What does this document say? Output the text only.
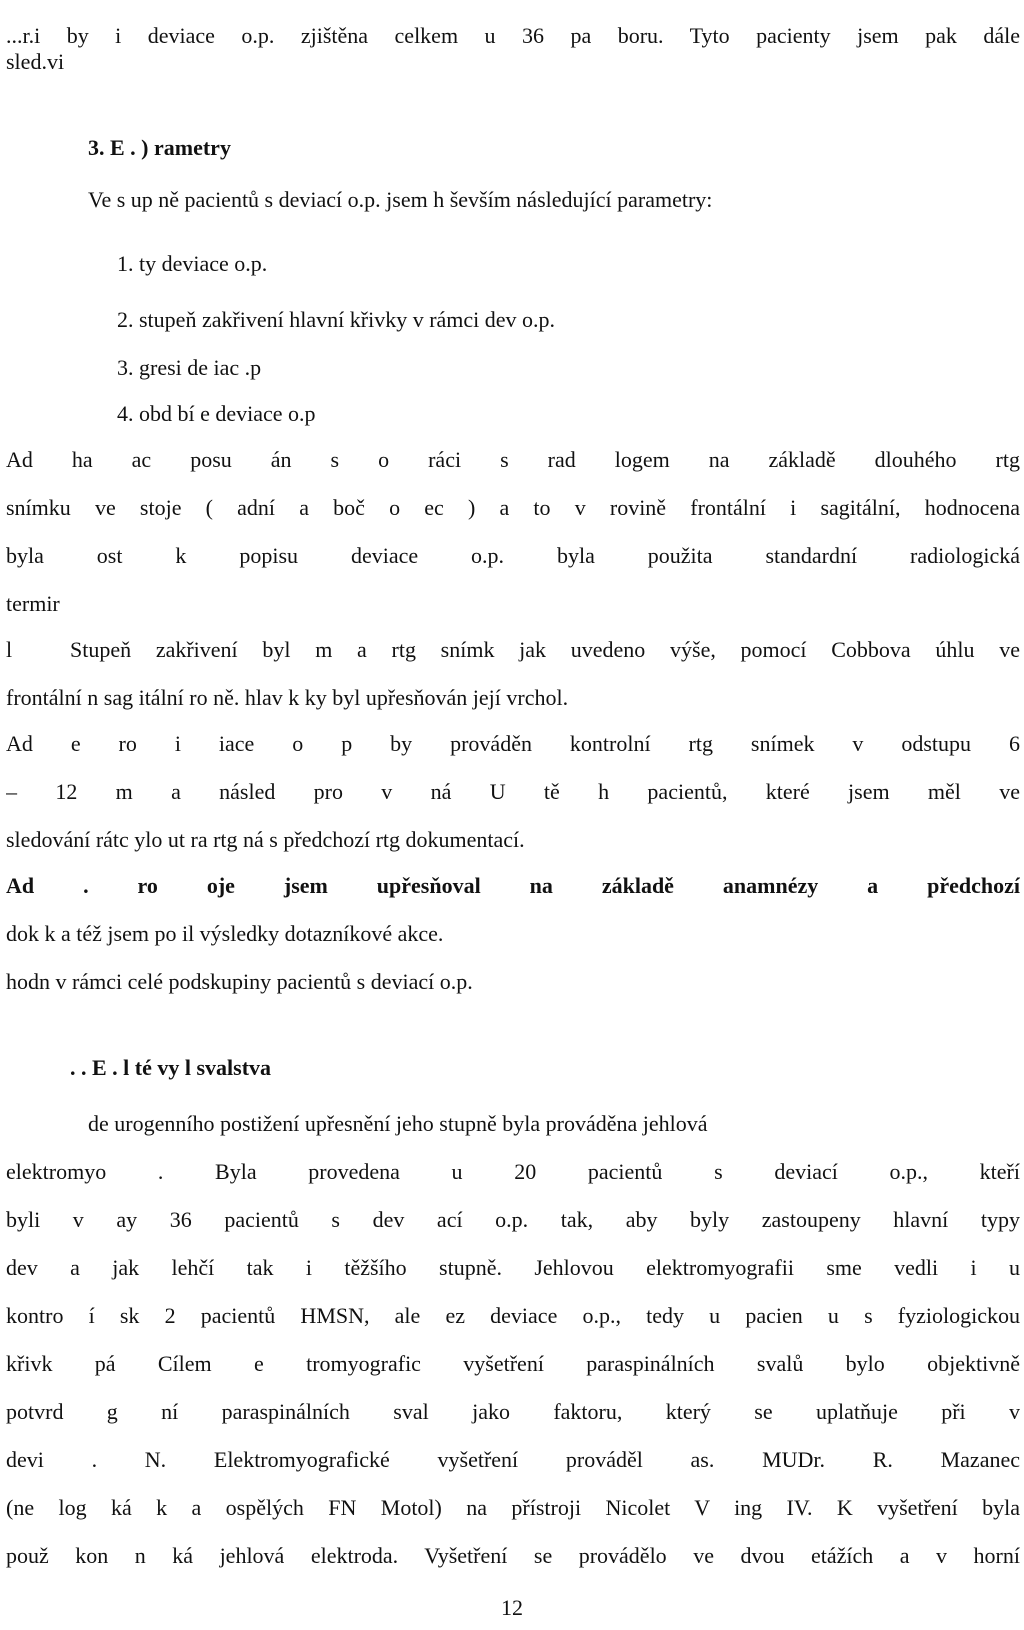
...r.i by i deviace o.p. zjištěna celkem u 36 pa boru. Tyto pacienty jsem pak dále
sled.vi
3. E . ) rametry
Ve s up ně pacientů s deviací o.p. jsem h ševším následující parametry:
1. ty deviace o.p.
2. stupeň zakřivení hlavní křivky v rámci dev o.p.
3. gresi de iac .p
4. obd bí e deviace o.p
Ad ha ac posu án s o ráci s rad logem na základě dlouhého rtg
snímku ve stoje ( adní a boč o ec ) a to v rovině frontální i sagitální, hodnocena
byla ost k popisu deviace o.p. byla použita standardní radiologická
termir
l	Stupeň zakřivení byl m a rtg snímk jak uvedeno výše, pomocí Cobbova úhlu ve
frontální n sag itální ro ně. hlav k ky byl upřesňován její vrchol.
Ad e ro i iace o p by prováděn kontrolní rtg snímek v odstupu 6
– 12 m a násled pro v ná U tě h pacientů, které jsem měl ve
sledování rátc ylo ut ra rtg ná s předchozí rtg dokumentací.
Ad . ro oje jsem upřesňoval na základě anamnézy a předchozí
dok k a též jsem po il výsledky dotazníkové akce.
hodn v rámci celé podskupiny pacientů s deviací o.p.
. . E . l té vy l svalstva
de urogenního postižení upřesnění jeho stupně byla prováděna jehlová
elektromyo . Byla provedena u 20 pacientů s deviací o.p., kteří
byli v ay 36 pacientů s dev ací o.p. tak, aby byly zastoupeny hlavní typy
dev a jak lehčí tak i těžšího stupně. Jehlovou elektromyografii sme vedli i u
kontro í sk 2 pacientů HMSN, ale ez deviace o.p., tedy u pacien u s fyziologickou
křivk pá Cílem e tromyografic vyšetření paraspinálních svalů bylo objektivně
potvrd g ní paraspinálních sval jako faktoru, který se uplatňuje při v
devi . N. Elektromyografické vyšetření prováděl as. MUDr. R. Mazanec
(ne log ká k a ospělých FN Motol) na přístroji Nicolet V ing IV. K vyšetření byla
použ kon n ká jehlová elektroda. Vyšetření se provádělo ve dvou etážích a v horní
12
